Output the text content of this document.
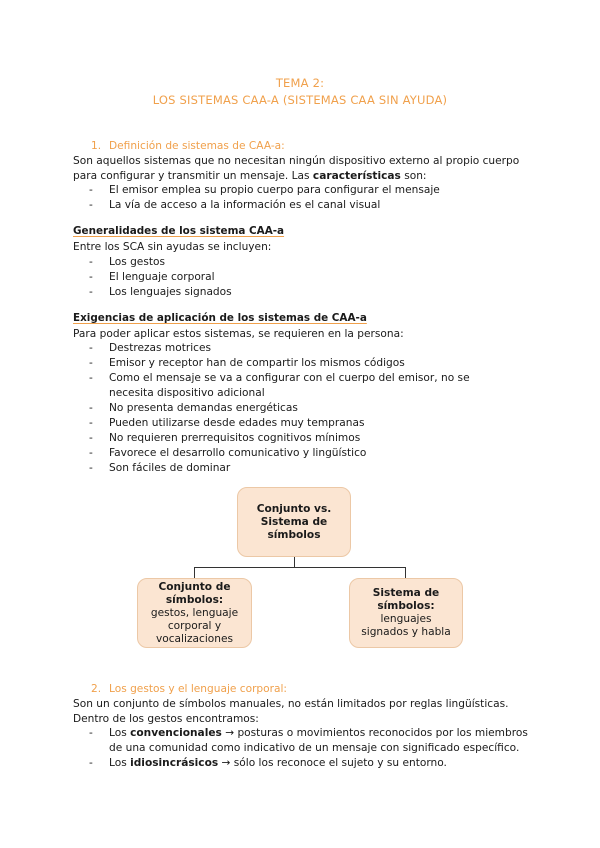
TEMA 2:
LOS SISTEMAS CAA-A (SISTEMAS CAA SIN AYUDA)
1. Definición de sistemas de CAA-a:
Son aquellos sistemas que no necesitan ningún dispositivo externo al propio cuerpo para configurar y transmitir un mensaje. Las características son:
- El emisor emplea su propio cuerpo para configurar el mensaje
- La vía de acceso a la información es el canal visual
Generalidades de los sistema CAA-a
Entre los SCA sin ayudas se incluyen:
- Los gestos
- El lenguaje corporal
- Los lenguajes signados
Exigencias de aplicación de los sistemas de CAA-a
Para poder aplicar estos sistemas, se requieren en la persona:
- Destrezas motrices
- Emisor y receptor han de compartir los mismos códigos
- Como el mensaje se va a configurar con el cuerpo del emisor, no se necesita dispositivo adicional
- No presenta demandas energéticas
- Pueden utilizarse desde edades muy tempranas
- No requieren prerrequisitos cognitivos mínimos
- Favorece el desarrollo comunicativo y lingüístico
- Son fáciles de dominar
Conjunto vs. Sistema de símbolos
Conjunto de símbolos:
gestos, lenguaje corporal y vocalizaciones
Sistema de símbolos:
lenguajes signados y habla
2. Los gestos y el lenguaje corporal:
Son un conjunto de símbolos manuales, no están limitados por reglas lingüísticas. Dentro de los gestos encontramos:
- Los convencionales → posturas o movimientos reconocidos por los miembros de una comunidad como indicativo de un mensaje con significado específico.
- Los idiosincrásicos → sólo los reconoce el sujeto y su entorno.
